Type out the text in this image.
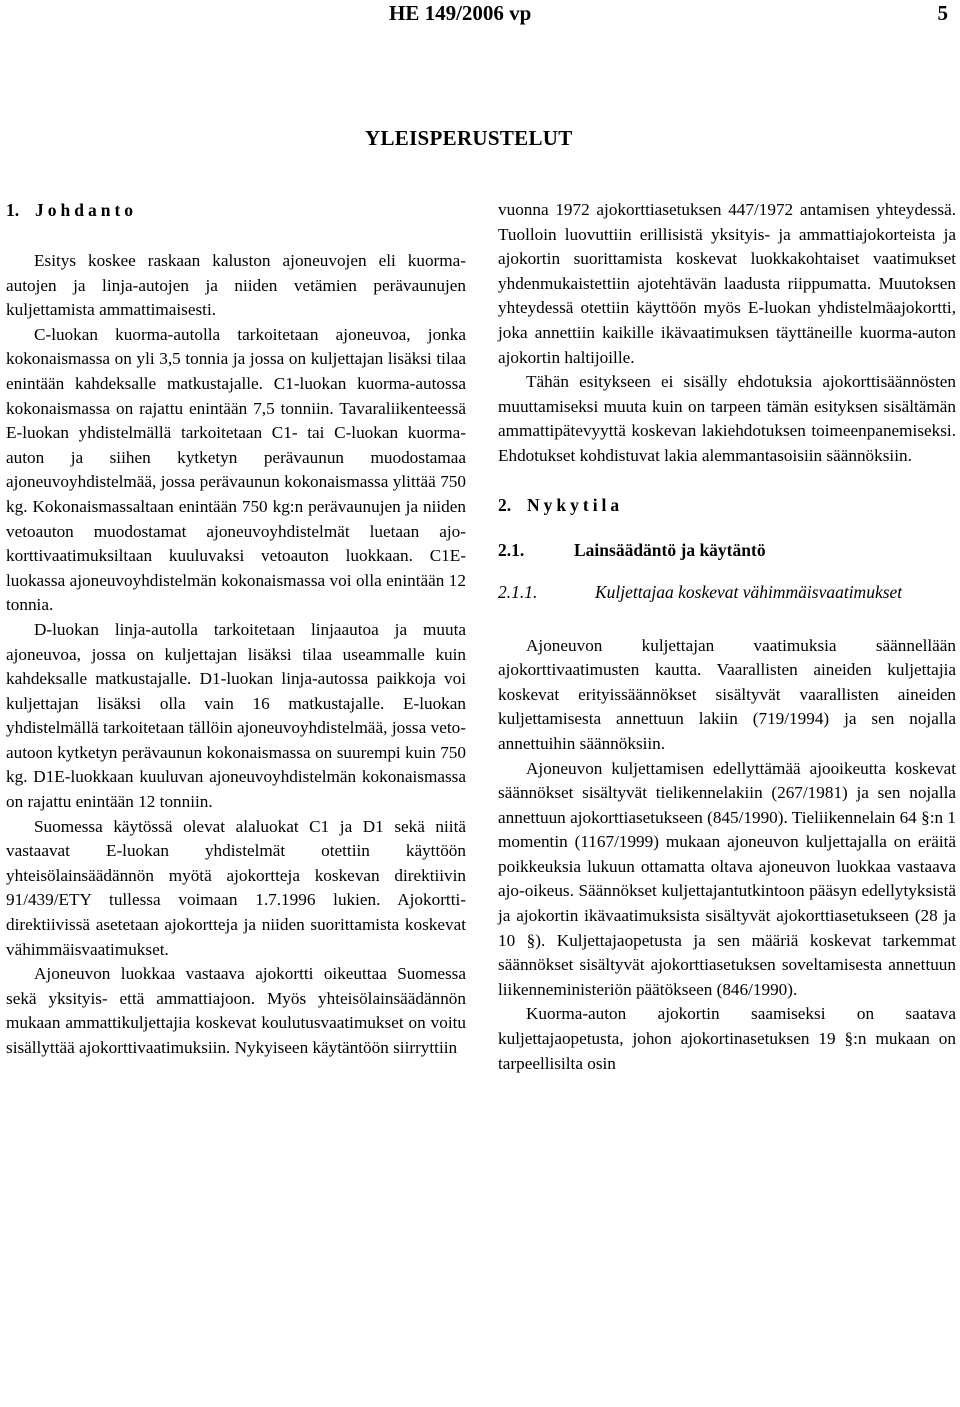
HE 149/2006 vp	5
YLEISPERUSTELUT
1. Johdanto

Esitys koskee raskaan kaluston ajoneuvojen eli kuorma-autojen ja linja-autojen ja niiden vetämien perävaunujen kuljettamista ammattimaisesti.

C-luokan kuorma-autolla tarkoitetaan ajoneuvoa, jonka kokonaismassa on yli 3,5 tonnia ja jossa on kuljettajan lisäksi tilaa enintään kahdeksalle matkustajalle. C1-luokan kuorma-autossa kokonaismassa on rajattu enintään 7,5 tonniin. Tavaraliikenteessä E-luokan yhdistelmällä tarkoitetaan C1- tai C-luokan kuorma-auton ja siihen kytketyn perävaunun muodostamaa ajoneuvoyhdistelmää, jossa perävaunun kokonaismassa ylittää 750 kg. Kokonaismassaltaan enintään 750 kg:n perävaunujen ja niiden vetoauton muodostamat ajoneuvoyhdistelmät luetaan ajokorttivaatimuksiltaan kuuluvaksi vetoauton luokkaan. C1E-luokassa ajoneuvoyhdistelmän kokonaismassa voi olla enintään 12 tonnia.

D-luokan linja-autolla tarkoitetaan linjaautoa ja muuta ajoneuvoa, jossa on kuljettajan lisäksi tilaa useammalle kuin kahdeksalle matkustajalle. D1-luokan linja-autossa paikkoja voi kuljettajan lisäksi olla vain 16 matkustajalle. E-luokan yhdistelmällä tarkoitetaan tällöin ajoneuvoyhdistelmää, jossa vetoautoon kytketyn perävaunun kokonaismassa on suurempi kuin 750 kg. D1E-luokkaan kuuluvan ajoneuvoyhdistelmän kokonaismassa on rajattu enintään 12 tonniin.

Suomessa käytössä olevat alaluokat C1 ja D1 sekä niitä vastaavat E-luokan yhdistelmät otettiin käyttöön yhteisölainsäädännön myötä ajokortteja koskevan direktiivin 91/439/ETY tullessa voimaan 1.7.1996 lukien. Ajokorttidirektiivissä asetetaan ajokortteja ja niiden suorittamista koskevat vähimmäisvaatimukset.

Ajoneuvon luokkaa vastaava ajokortti oikeuttaa Suomessa sekä yksityis- että ammattiajoon. Myös yhteisölainsäädännön mukaan ammattikuljettajia koskevat koulutusvaatimukset on voitu sisällyttää ajokorttivaatimuksiin. Nykyiseen käytäntöön siirryttiin

vuonna 1972 ajokorttiasetuksen 447/1972 antamisen yhteydessä. Tuolloin luovuttiin erillisistä yksityis- ja ammattiajokorteista ja ajokortin suorittamista koskevat luokkakohtaiset vaatimukset yhdenmukaistettiin ajotehtävän laadusta riippumatta. Muutoksen yhteydessä otettiin käyttöön myös E-luokan yhdistelmäajokortti, joka annettiin kaikille ikävaatimuksen täyttäneille kuorma-auton ajokortin haltijoille.

Tähän esitykseen ei sisälly ehdotuksia ajokorttisäännösten muuttamiseksi muuta kuin on tarpeen tämän esityksen sisältämän ammattipätevyyttä koskevan lakiehdotuksen toimeenpanemiseksi. Ehdotukset kohdistuvat lakia alemmantasoisiin säännöksiin.

2. Nykytila
2.1.	Lainsäädäntö ja käytäntö
2.1.1.	Kuljettajaa koskevat vähimmäisvaatimukset

Ajoneuvon kuljettajan vaatimuksia säännellään ajokorttivaatimusten kautta. Vaarallisten aineiden kuljettajia koskevat erityissäännökset sisältyvät vaarallisten aineiden kuljettamisesta annettuun lakiin (719/1994) ja sen nojalla annettuihin säännöksiin.

Ajoneuvon kuljettamisen edellyttämää ajooikeutta koskevat säännökset sisältyvät tielikennelakiin (267/1981) ja sen nojalla annettuun ajokorttiasetukseen (845/1990). Tieliikennelain 64 §:n 1 momentin (1167/1999) mukaan ajoneuvon kuljettajalla on eräitä poikkeuksia lukuun ottamatta oltava ajoneuvon luokkaa vastaava ajo-oikeus. Säännökset kuljettajantutkintoon pääsyn edellytyksistä ja ajokortin ikävaatimuksista sisältyvät ajokorttiasetukseen (28 ja 10 §). Kuljettajaopetusta ja sen määriä koskevat tarkemmat säännökset sisältyvät ajokorttiasetuksen soveltamisesta annettuun liikenneministeriön päätökseen (846/1990).

Kuorma-auton ajokortin saamiseksi on saatava kuljettajaopetusta, johon ajokortinasetuksen 19 §:n mukaan on tarpeellisilta osin
